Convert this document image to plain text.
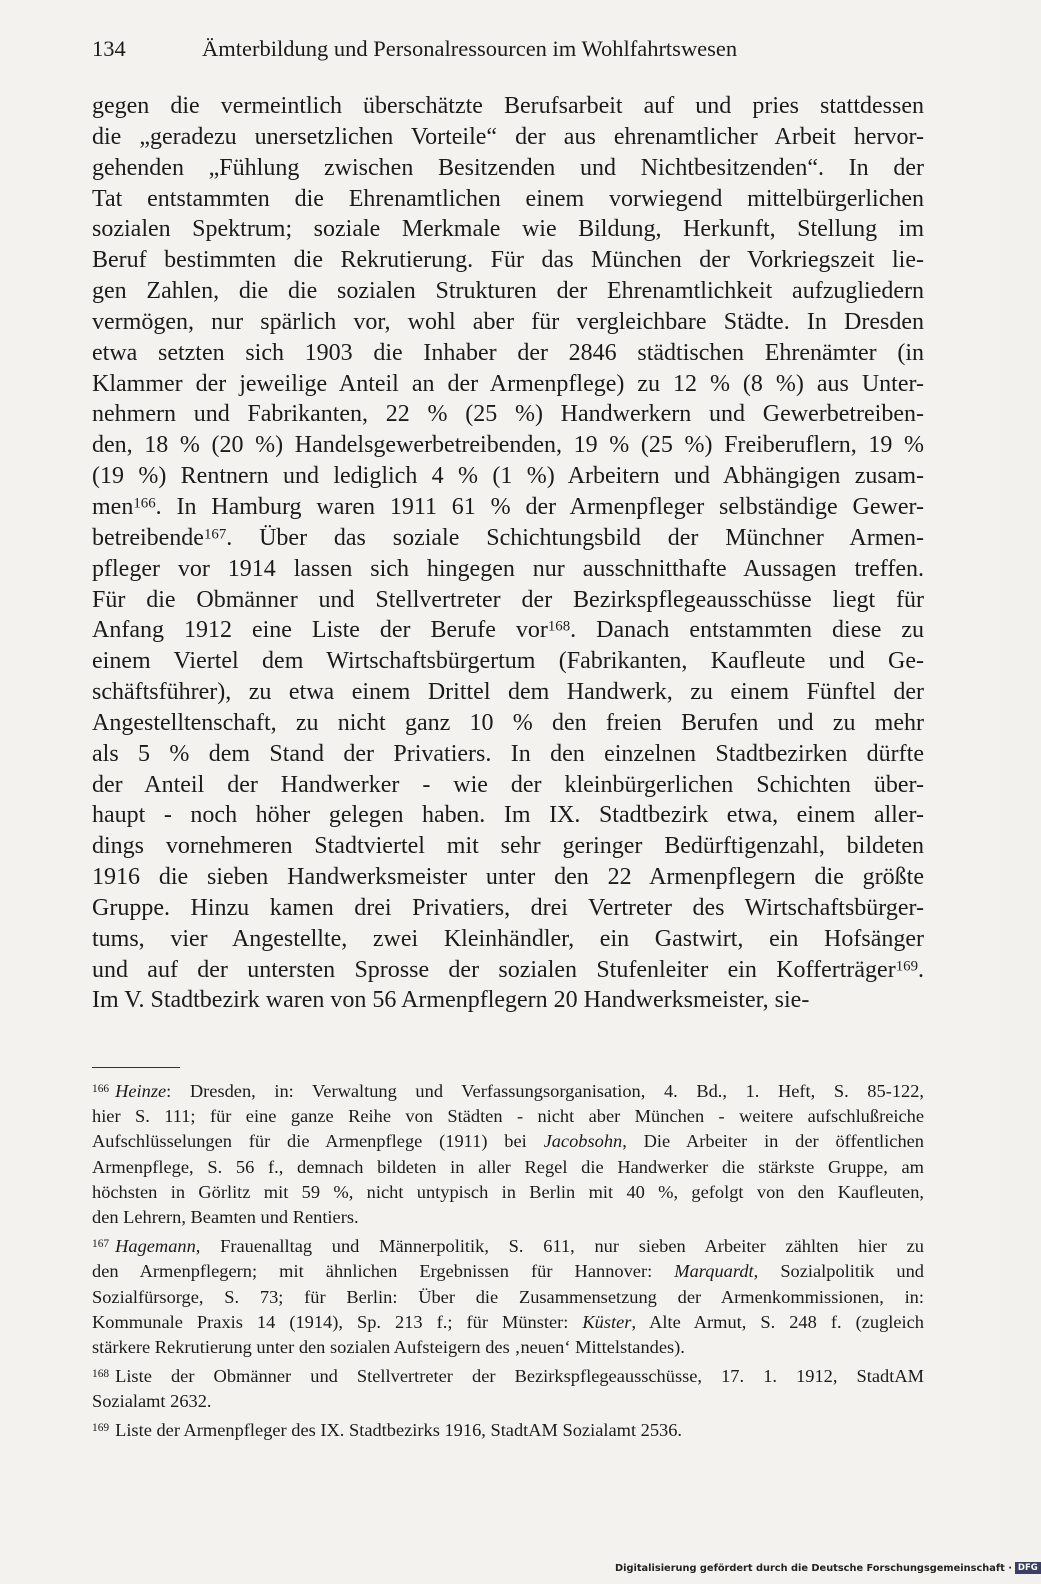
134	Ämterbildung und Personalressourcen im Wohlfahrtswesen
gegen die vermeintlich überschätzte Berufsarbeit auf und pries stattdessen
die „geradezu unersetzlichen Vorteile“ der aus ehrenamtlicher Arbeit hervor-
gehenden „Fühlung zwischen Besitzenden und Nichtbesitzenden“. In der
Tat entstammten die Ehrenamtlichen einem vorwiegend mittelbürgerlichen
sozialen Spektrum; soziale Merkmale wie Bildung, Herkunft, Stellung im
Beruf bestimmten die Rekrutierung. Für das München der Vorkriegszeit lie-
gen Zahlen, die die sozialen Strukturen der Ehrenamtlichkeit aufzugliedern
vermögen, nur spärlich vor, wohl aber für vergleichbare Städte. In Dresden
etwa setzten sich 1903 die Inhaber der 2846 städtischen Ehrenämter (in
Klammer der jeweilige Anteil an der Armenpflege) zu 12 % (8 %) aus Unter-
nehmern und Fabrikanten, 22 % (25 %) Handwerkern und Gewerbetreiben-
den, 18 % (20 %) Handelsgewerbetreibenden, 19 % (25 %) Freiberuflern, 19 %
(19 %) Rentnern und lediglich 4 % (1 %) Arbeitern und Abhängigen zusam-
men$^{166}$. In Hamburg waren 1911 61 % der Armenpfleger selbständige Gewer-
betreibende$^{167}$. Über das soziale Schichtungsbild der Münchner Armen-
pfleger vor 1914 lassen sich hingegen nur ausschnitthafte Aussagen treffen.
Für die Obmänner und Stellvertreter der Bezirkspflegeausschüsse liegt für
Anfang 1912 eine Liste der Berufe vor$^{168}$. Danach entstammten diese zu
einem Viertel dem Wirtschaftsbürgertum (Fabrikanten, Kaufleute und Ge-
schäftsführer), zu etwa einem Drittel dem Handwerk, zu einem Fünftel der
Angestelltenschaft, zu nicht ganz 10 % den freien Berufen und zu mehr
als 5 % dem Stand der Privatiers. In den einzelnen Stadtbezirken dürfte
der Anteil der Handwerker - wie der kleinbürgerlichen Schichten über-
haupt - noch höher gelegen haben. Im IX. Stadtbezirk etwa, einem aller-
dings vornehmeren Stadtviertel mit sehr geringer Bedürftigenzahl, bildeten
1916 die sieben Handwerksmeister unter den 22 Armenpflegern die größte
Gruppe. Hinzu kamen drei Privatiers, drei Vertreter des Wirtschaftsbürger-
tums, vier Angestellte, zwei Kleinhändler, ein Gastwirt, ein Hofsänger
und auf der untersten Sprosse der sozialen Stufenleiter ein Kofferträger$^{169}$.
Im V. Stadtbezirk waren von 56 Armenpflegern 20 Handwerksmeister, sie-
$^{166}$ Heinze: Dresden, in: Verwaltung und Verfassungsorganisation, 4. Bd., 1. Heft, S. 85-122,
hier S. 111; für eine ganze Reihe von Städten - nicht aber München - weitere aufschlußreiche
Aufschlüsselungen für die Armenpflege (1911) bei Jacobsohn, Die Arbeiter in der öffentlichen
Armenpflege, S. 56 f., demnach bildeten in aller Regel die Handwerker die stärkste Gruppe, am
höchsten in Görlitz mit 59 %, nicht untypisch in Berlin mit 40 %, gefolgt von den Kaufleuten,
den Lehrern, Beamten und Rentiers.
$^{167}$ Hagemann, Frauenalltag und Männerpolitik, S. 611, nur sieben Arbeiter zählten hier zu
den Armenpflegern; mit ähnlichen Ergebnissen für Hannover: Marquardt, Sozialpolitik und
Sozialfürsorge, S. 73; für Berlin: Über die Zusammensetzung der Armenkommissionen, in:
Kommunale Praxis 14 (1914), Sp. 213 f.; für Münster: Küster, Alte Armut, S. 248 f. (zugleich
stärkere Rekrutierung unter den sozialen Aufsteigern des ‚neuen‘ Mittelstandes).
$^{168}$ Liste der Obmänner und Stellvertreter der Bezirkspflegeausschüsse, 17. 1. 1912, StadtAM
Sozialamt 2632.
$^{169}$ Liste der Armenpfleger des IX. Stadtbezirks 1916, StadtAM Sozialamt 2536.
Digitalisierung gefördert durch die Deutsche Forschungsgemeinschaft · DFG
